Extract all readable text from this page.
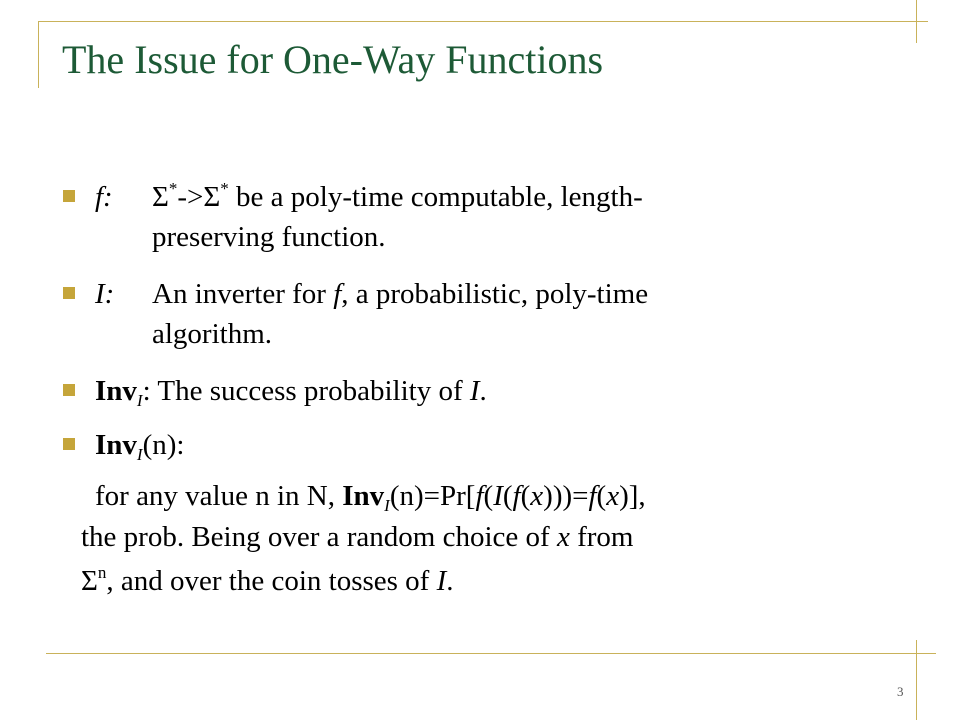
The Issue for One-Way Functions
f: Σ*->Σ* be a poly-time computable, length-
preserving function.
I: An inverter for f, a probabilistic, poly-time
algorithm.
Inv$_I$: The success probability of I.
Inv$_I$(n):
for any value n in N, Inv$_I$(n)=Pr[f(I(f(x)))=f(x)],
the prob. Being over a random choice of x from
$\Sigma^n$, and over the coin tosses of I.
3
